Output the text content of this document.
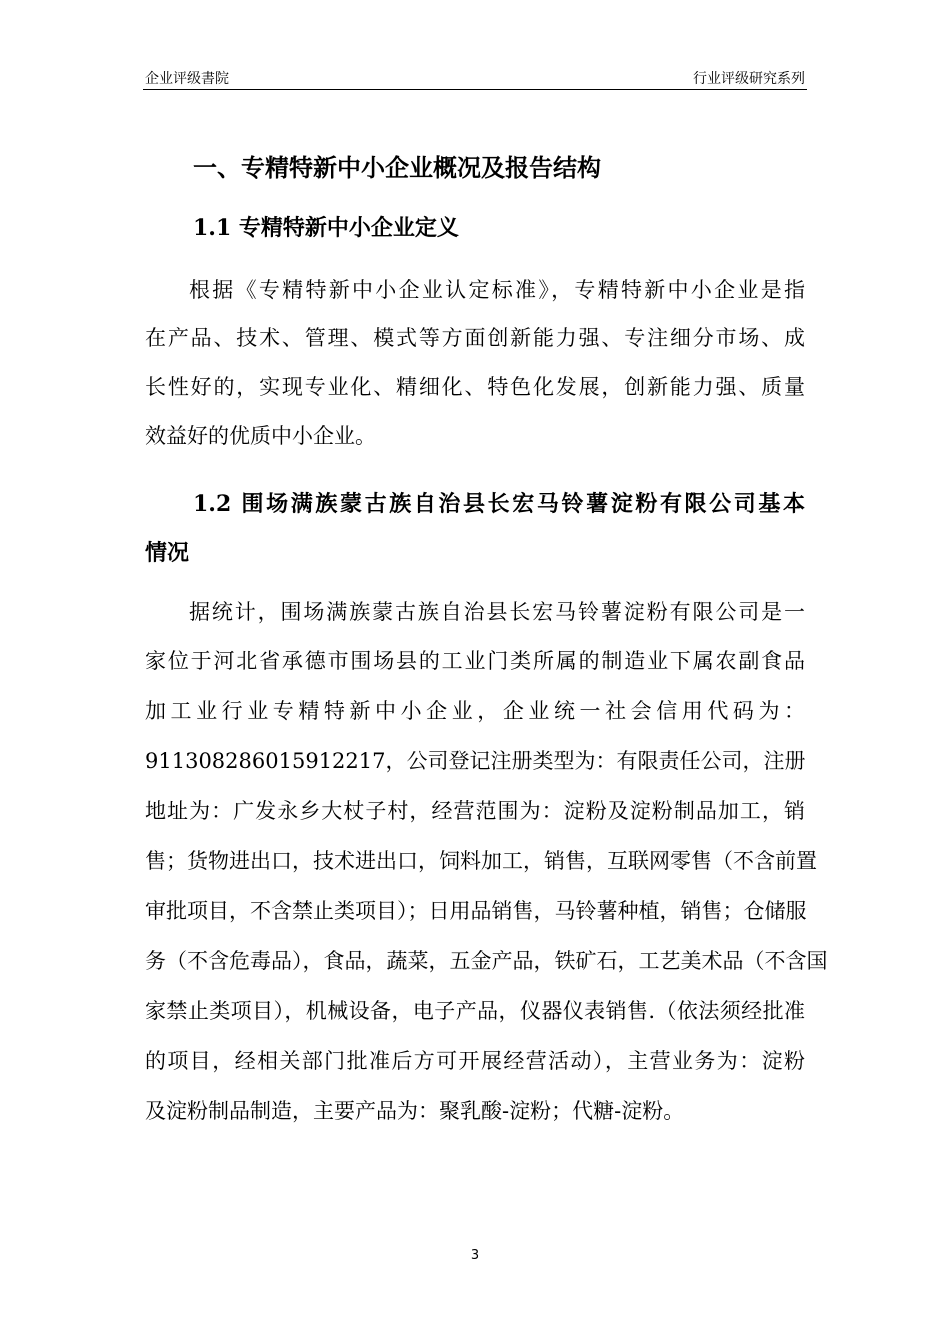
企业评级書院	行业评级研究系列
一、专精特新中小企业概况及报告结构
1.1 专精特新中小企业定义
根据《专精特新中小企业认定标准》，专精特新中小企业是指
在产品、技术、管理、模式等方面创新能力强、专注细分市场、成
长性好的，实现专业化、精细化、特色化发展，创新能力强、质量
效益好的优质中小企业。
1.2 围场满族蒙古族自治县长宏马铃薯淀粉有限公司基本
情况
据统计，围场满族蒙古族自治县长宏马铃薯淀粉有限公司是一
家位于河北省承德市围场县的工业门类所属的制造业下属农副食品
加工业行业专精特新中小企业，企业统一社会信用代码为：
911308286015912217，公司登记注册类型为：有限责任公司，注册
地址为：广发永乡大杖子村，经营范围为：淀粉及淀粉制品加工，销
售；货物进出口，技术进出口，饲料加工，销售，互联网零售（不含前置
审批项目，不含禁止类项目）；日用品销售，马铃薯种植，销售；仓储服
务（不含危毒品），食品，蔬菜，五金产品，铁矿石，工艺美术品（不含国
家禁止类项目），机械设备，电子产品，仪器仪表销售.（依法须经批准
的项目，经相关部门批准后方可开展经营活动），主营业务为：淀粉
及淀粉制品制造，主要产品为：聚乳酸-淀粉；代糖-淀粉。
3
